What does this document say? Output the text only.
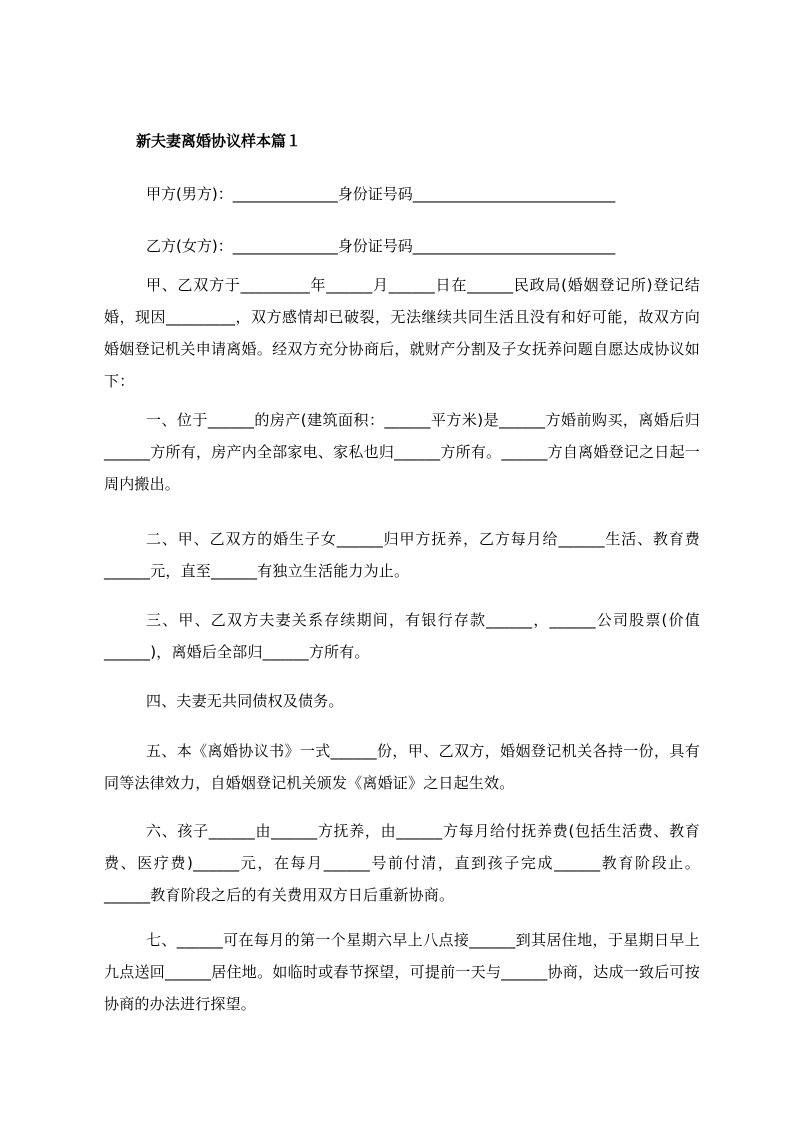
新夫妻离婚协议样本篇１
甲方(男方)：______________身份证号码___________________________
乙方(女方)：______________身份证号码___________________________

甲、乙双方于_________年______月______日在______民政局(婚姻登记所)登记结婚，现因_________，双方感情却已破裂，无法继续共同生活且没有和好可能，故双方向婚姻登记机关申请离婚。经双方充分协商后，就财产分割及子女抚养问题自愿达成协议如下：

一、位于______的房产(建筑面积：______平方米)是______方婚前购买，离婚后归______方所有，房产内全部家电、家私也归______方所有。______方自离婚登记之日起一周内搬出。

二、甲、乙双方的婚生子女______归甲方抚养，乙方每月给______生活、教育费______元，直至______有独立生活能力为止。

三、甲、乙双方夫妻关系存续期间，有银行存款______，______公司股票(价值______)，离婚后全部归______方所有。

四、夫妻无共同债权及债务。

五、本《离婚协议书》一式______份，甲、乙双方，婚姻登记机关各持一份，具有同等法律效力，自婚姻登记机关颁发《离婚证》之日起生效。

六、孩子______由______方抚养，由______方每月给付抚养费(包括生活费、教育费、医疗费)______元，在每月______号前付清，直到孩子完成______教育阶段止。______教育阶段之后的有关费用双方日后重新协商。

七、______可在每月的第一个星期六早上八点接______到其居住地，于星期日早上九点送回______居住地。如临时或春节探望，可提前一天与______协商，达成一致后可按协商的办法进行探望。
